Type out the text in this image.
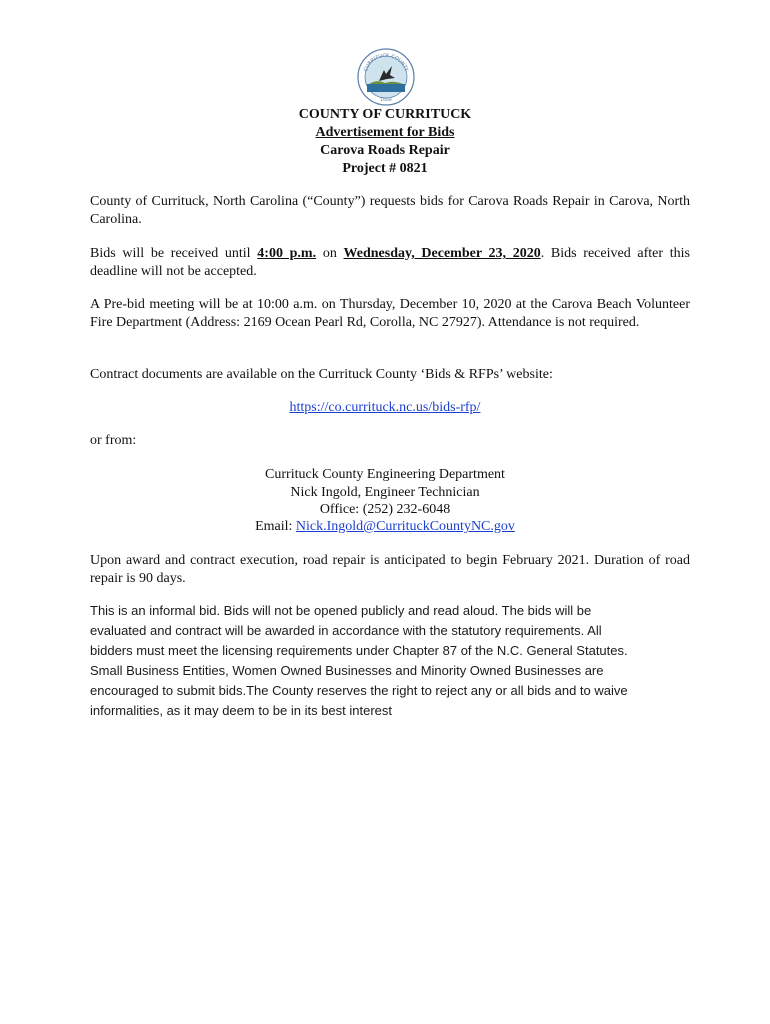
CURRITUCK COUNTY
1668
COUNTY OF CURRITUCK
Advertisement for Bids
Carova Roads Repair
Project # 0821
County of Currituck, North Carolina (“County”) requests bids for Carova Roads Repair in Carova, North Carolina.
Bids will be received until 4:00 p.m. on Wednesday, December 23, 2020. Bids received after this deadline will not be accepted.
A Pre-bid meeting will be at 10:00 a.m. on Thursday, December 10, 2020 at the Carova Beach Volunteer Fire Department (Address: 2169 Ocean Pearl Rd, Corolla, NC 27927). Attendance is not required.
Contract documents are available on the Currituck County ‘Bids & RFPs’ website:
https://co.currituck.nc.us/bids-rfp/
or from:
Currituck County Engineering Department
Nick Ingold, Engineer Technician
Office: (252) 232-6048
Email: Nick.Ingold@CurrituckCountyNC.gov
Upon award and contract execution, road repair is anticipated to begin February 2021. Duration of road repair is 90 days.
This is an informal bid. Bids will not be opened publicly and read aloud. The bids will be
evaluated and contract will be awarded in accordance with the statutory requirements. All
bidders must meet the licensing requirements under Chapter 87 of the N.C. General Statutes.
Small Business Entities, Women Owned Businesses and Minority Owned Businesses are
encouraged to submit bids.The County reserves the right to reject any or all bids and to waive
informalities, as it may deem to be in its best interest
